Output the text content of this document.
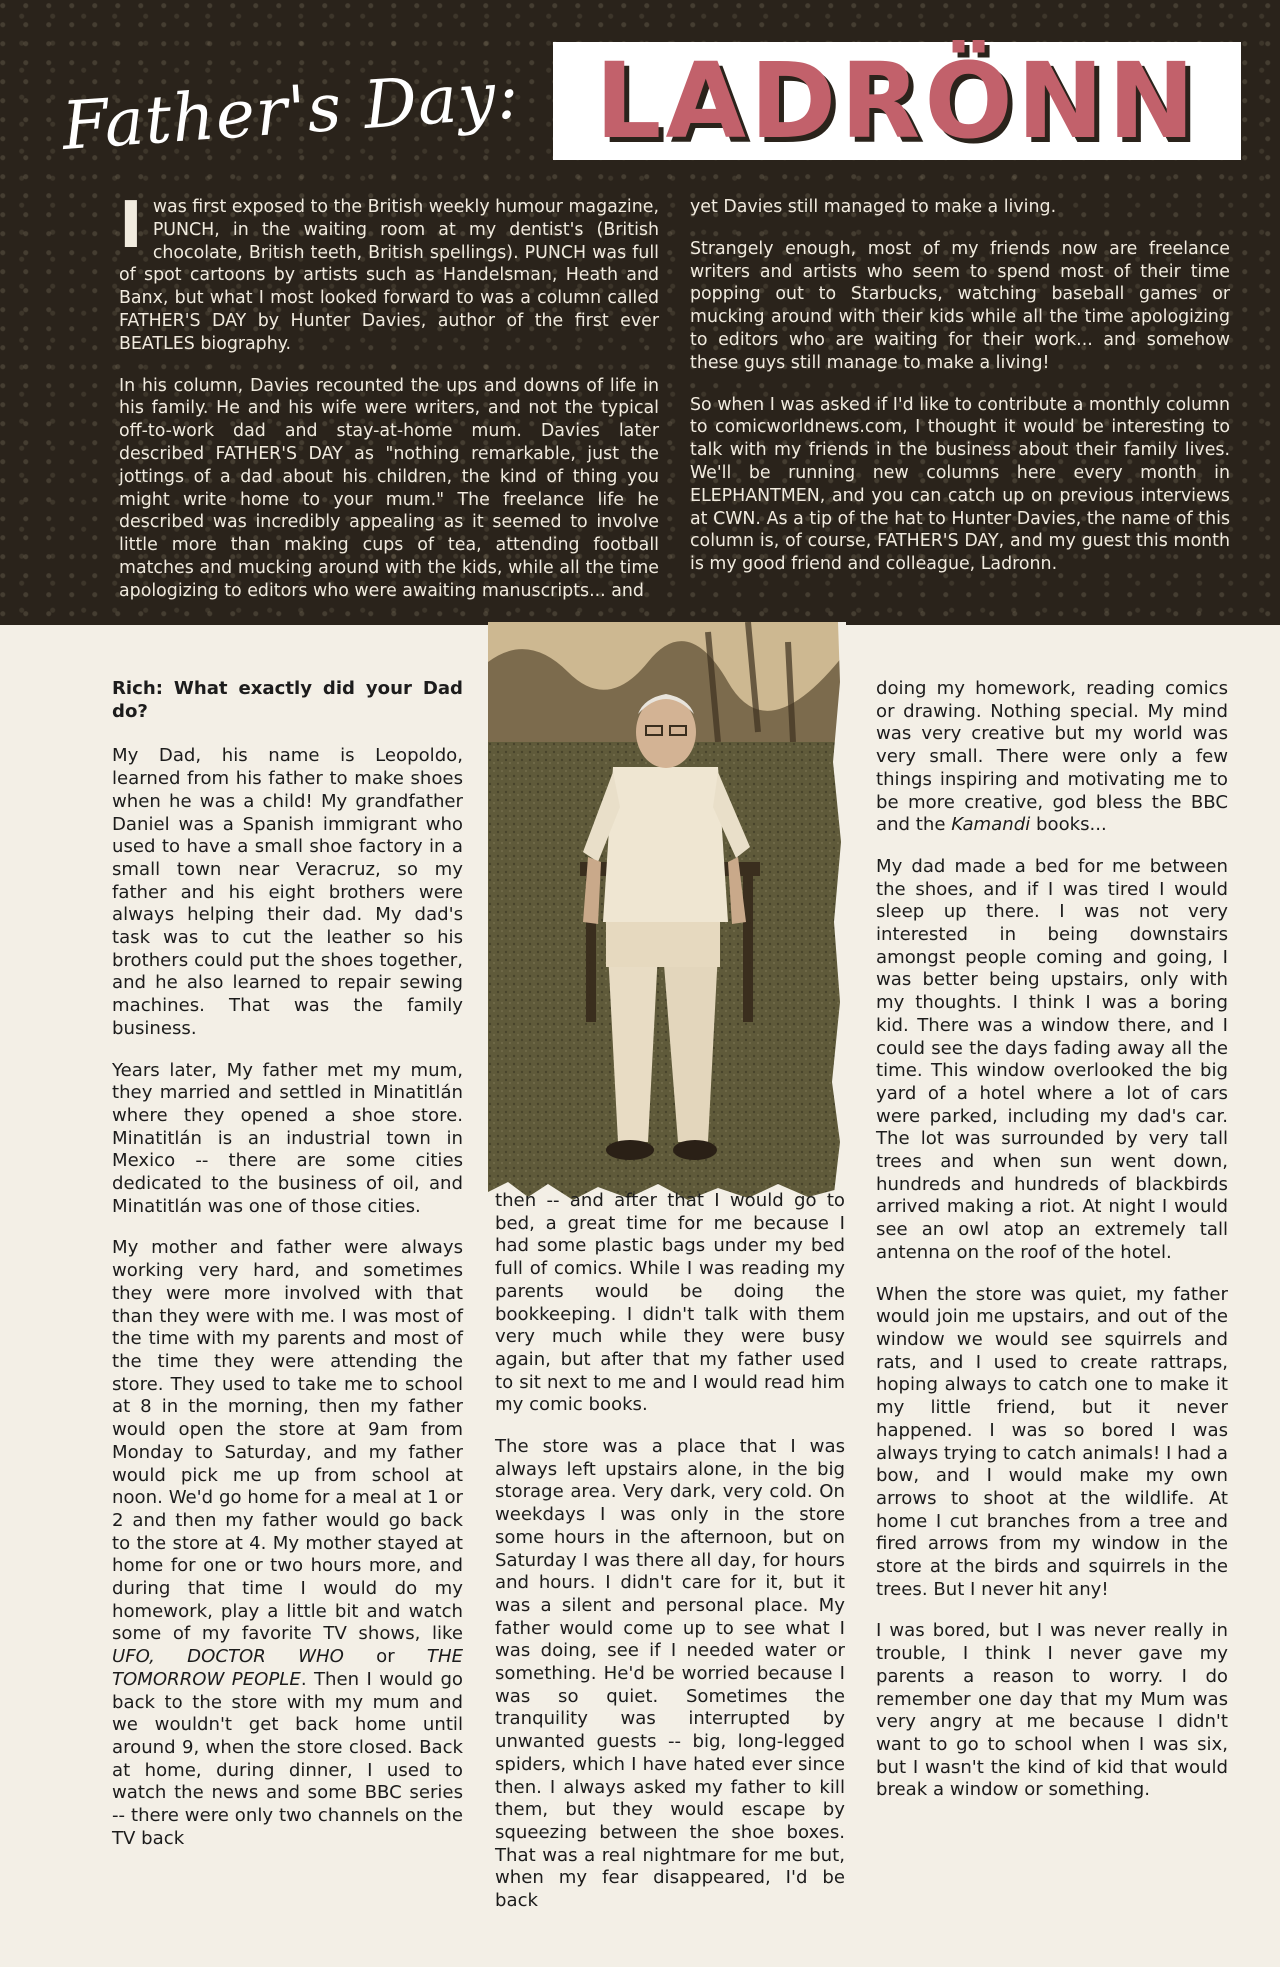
Father's Day: LADRÖNN

Iwas first exposed to the British weekly humour magazine, PUNCH, in the waiting room at my dentist's (British chocolate, British teeth, British spellings). PUNCH was full of spot cartoons by artists such as Handelsman, Heath and Banx, but what I most looked forward to was a column called FATHER'S DAY by Hunter Davies, author of the first ever BEATLES biography.

In his column, Davies recounted the ups and downs of life in his family. He and his wife were writers, and not the typical off-to-work dad and stay-at-home mum. Davies later described FATHER'S DAY as "nothing remarkable, just the jottings of a dad about his children, the kind of thing you might write home to your mum." The freelance life he described was incredibly appealing as it seemed to involve little more than making cups of tea, attending football matches and mucking around with the kids, while all the time apologizing to editors who were awaiting manuscripts... and

yet Davies still managed to make a living.

Strangely enough, most of my friends now are freelance writers and artists who seem to spend most of their time popping out to Starbucks, watching baseball games or mucking around with their kids while all the time apologizing to editors who are waiting for their work... and somehow these guys still manage to make a living!

So when I was asked if I'd like to contribute a monthly column to comicworldnews.com, I thought it would be interesting to talk with my friends in the business about their family lives. We'll be running new columns here every month in ELEPHANTMEN, and you can catch up on previous interviews at CWN. As a tip of the hat to Hunter Davies, the name of this column is, of course, FATHER'S DAY, and my guest this month is my good friend and colleague, Ladronn.

Rich: What exactly did your Dad do?

My Dad, his name is Leopoldo, learned from his father to make shoes when he was a child! My grandfather Daniel was a Spanish immigrant who used to have a small shoe factory in a small town near Veracruz, so my father and his eight brothers were always helping their dad. My dad's task was to cut the leather so his brothers could put the shoes together, and he also learned to repair sewing machines. That was the family business.

Years later, My father met my mum, they married and settled in Minatitlán where they opened a shoe store. Minatitlán is an industrial town in Mexico -- there are some cities dedicated to the business of oil, and Minatitlán was one of those cities.

My mother and father were always working very hard, and sometimes they were more involved with that than they were with me. I was most of the time with my parents and most of the time they were attending the store. They used to take me to school at 8 in the morning, then my father would open the store at 9am from Monday to Saturday, and my father would pick me up from school at noon. We'd go home for a meal at 1 or 2 and then my father would go back to the store at 4. My mother stayed at home for one or two hours more, and during that time I would do my homework, play a little bit and watch some of my favorite TV shows, like UFO, DOCTOR WHO or THE TOMORROW PEOPLE. Then I would go back to the store with my mum and we wouldn't get back home until around 9, when the store closed. Back at home, during dinner, I used to watch the news and some BBC series -- there were only two channels on the TV back

then -- and after that I would go to bed, a great time for me because I had some plastic bags under my bed full of comics. While I was reading my parents would be doing the bookkeeping. I didn't talk with them very much while they were busy again, but after that my father used to sit next to me and I would read him my comic books.

The store was a place that I was always left upstairs alone, in the big storage area. Very dark, very cold. On weekdays I was only in the store some hours in the afternoon, but on Saturday I was there all day, for hours and hours. I didn't care for it, but it was a silent and personal place. My father would come up to see what I was doing, see if I needed water or something. He'd be worried because I was so quiet. Sometimes the tranquility was interrupted by unwanted guests -- big, long-legged spiders, which I have hated ever since then. I always asked my father to kill them, but they would escape by squeezing between the shoe boxes. That was a real nightmare for me but, when my fear disappeared, I'd be back

doing my homework, reading comics or drawing. Nothing special. My mind was very creative but my world was very small. There were only a few things inspiring and motivating me to be more creative, god bless the BBC and the Kamandi books...

My dad made a bed for me between the shoes, and if I was tired I would sleep up there. I was not very interested in being downstairs amongst people coming and going, I was better being upstairs, only with my thoughts. I think I was a boring kid. There was a window there, and I could see the days fading away all the time. This window overlooked the big yard of a hotel where a lot of cars were parked, including my dad's car. The lot was surrounded by very tall trees and when sun went down, hundreds and hundreds of blackbirds arrived making a riot. At night I would see an owl atop an extremely tall antenna on the roof of the hotel.

When the store was quiet, my father would join me upstairs, and out of the window we would see squirrels and rats, and I used to create rattraps, hoping always to catch one to make it my little friend, but it never happened. I was so bored I was always trying to catch animals! I had a bow, and I would make my own arrows to shoot at the wildlife. At home I cut branches from a tree and fired arrows from my window in the store at the birds and squirrels in the trees. But I never hit any!

I was bored, but I was never really in trouble, I think I never gave my parents a reason to worry. I do remember one day that my Mum was very angry at me because I didn't want to go to school when I was six, but I wasn't the kind of kid that would break a window or something.
